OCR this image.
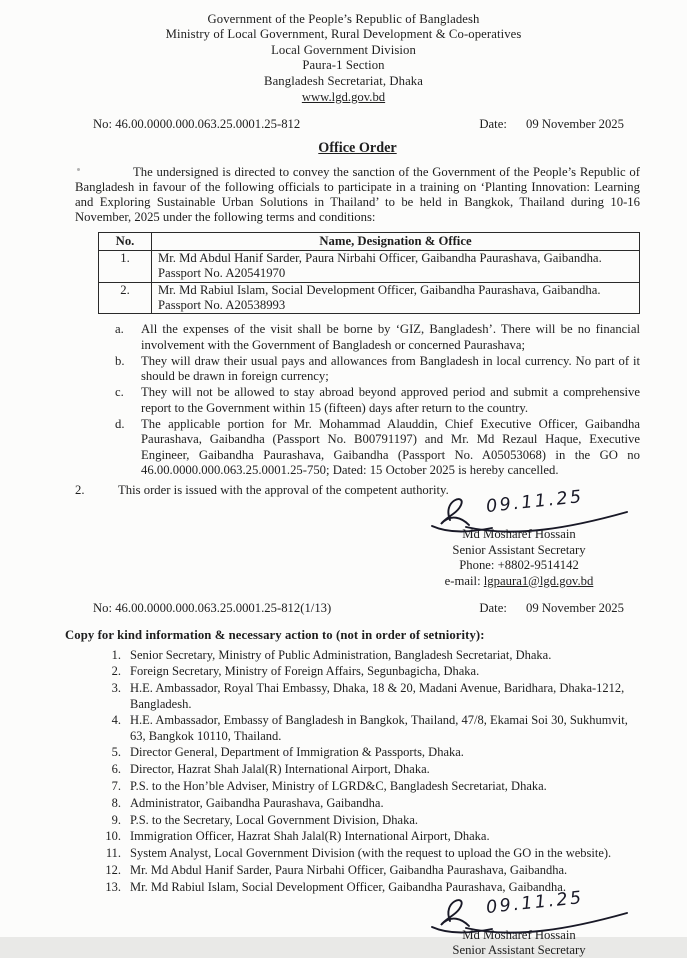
Government of the People’s Republic of Bangladesh
Ministry of Local Government, Rural Development & Co-operatives
Local Government Division
Paura-1 Section
Bangladesh Secretariat, Dhaka
www.lgd.gov.bd
No: 46.00.0000.000.063.25.0001.25-812	Date: 09 November 2025
Office Order

The undersigned is directed to convey the sanction of the Government of the People’s Republic of Bangladesh in favour of the following officials to participate in a training on ‘Planting Innovation: Learning and Exploring Sustainable Urban Solutions in Thailand’ to be held in Bangkok, Thailand during 10-16 November, 2025 under the following terms and conditions:

No.	Name, Designation & Office
1.	Mr. Md Abdul Hanif Sarder, Paura Nirbahi Officer, Gaibandha Paurashava, Gaibandha.
Passport No. A20541970

2.	Mr. Md Rabiul Islam, Social Development Officer, Gaibandha Paurashava, Gaibandha.
Passport No. A20538993
a.	All the expenses of the visit shall be borne by ‘GIZ, Bangladesh’. There will be no financial involvement with the Government of Bangladesh or concerned Paurashava;
b.	They will draw their usual pays and allowances from Bangladesh in local currency. No part of it should be drawn in foreign currency;
c.	They will not be allowed to stay abroad beyond approved period and submit a comprehensive report to the Government within 15 (fifteen) days after return to the country.
d.	The applicable portion for Mr. Mohammad Alauddin, Chief Executive Officer, Gaibandha Paurashava, Gaibandha (Passport No. B00791197) and Mr. Md Rezaul Haque, Executive Engineer, Gaibandha Paurashava, Gaibandha (Passport No. A05053068) in the GO no 46.00.0000.000.063.25.0001.25-750; Dated: 15 October 2025 is hereby cancelled.
2.	This order is issued with the approval of the competent authority. 09.11.25
Md Mosharef Hossain
Senior Assistant Secretary
Phone: +8802-9514142
e-mail: lgpaura1@lgd.gov.bd
No: 46.00.0000.000.063.25.0001.25-812(1/13)	Date: 09 November 2025
Copy for kind information & necessary action to (not in order of setniority):
Senior Secretary, Ministry of Public Administration, Bangladesh Secretariat, Dhaka.
Foreign Secretary, Ministry of Foreign Affairs, Segunbagicha, Dhaka.
H.E. Ambassador, Royal Thai Embassy, Dhaka, 18 & 20, Madani Avenue, Baridhara, Dhaka-1212, Bangladesh.
H.E. Ambassador, Embassy of Bangladesh in Bangkok, Thailand, 47/8, Ekamai Soi 30, Sukhumvit, 63, Bangkok 10110, Thailand.
Director General, Department of Immigration & Passports, Dhaka.
Director, Hazrat Shah Jalal(R) International Airport, Dhaka.
P.S. to the Hon’ble Adviser, Ministry of LGRD&C, Bangladesh Secretariat, Dhaka.
Administrator, Gaibandha Paurashava, Gaibandha.
P.S. to the Secretary, Local Government Division, Dhaka.
Immigration Officer, Hazrat Shah Jalal(R) International Airport, Dhaka.
System Analyst, Local Government Division (with the request to upload the GO in the website).
Mr. Md Abdul Hanif Sarder, Paura Nirbahi Officer, Gaibandha Paurashava, Gaibandha.
Mr. Md Rabiul Islam, Social Development Officer, Gaibandha Paurashava, Gaibandha.
09.11.25
Md Mosharef Hossain
Senior Assistant Secretary
